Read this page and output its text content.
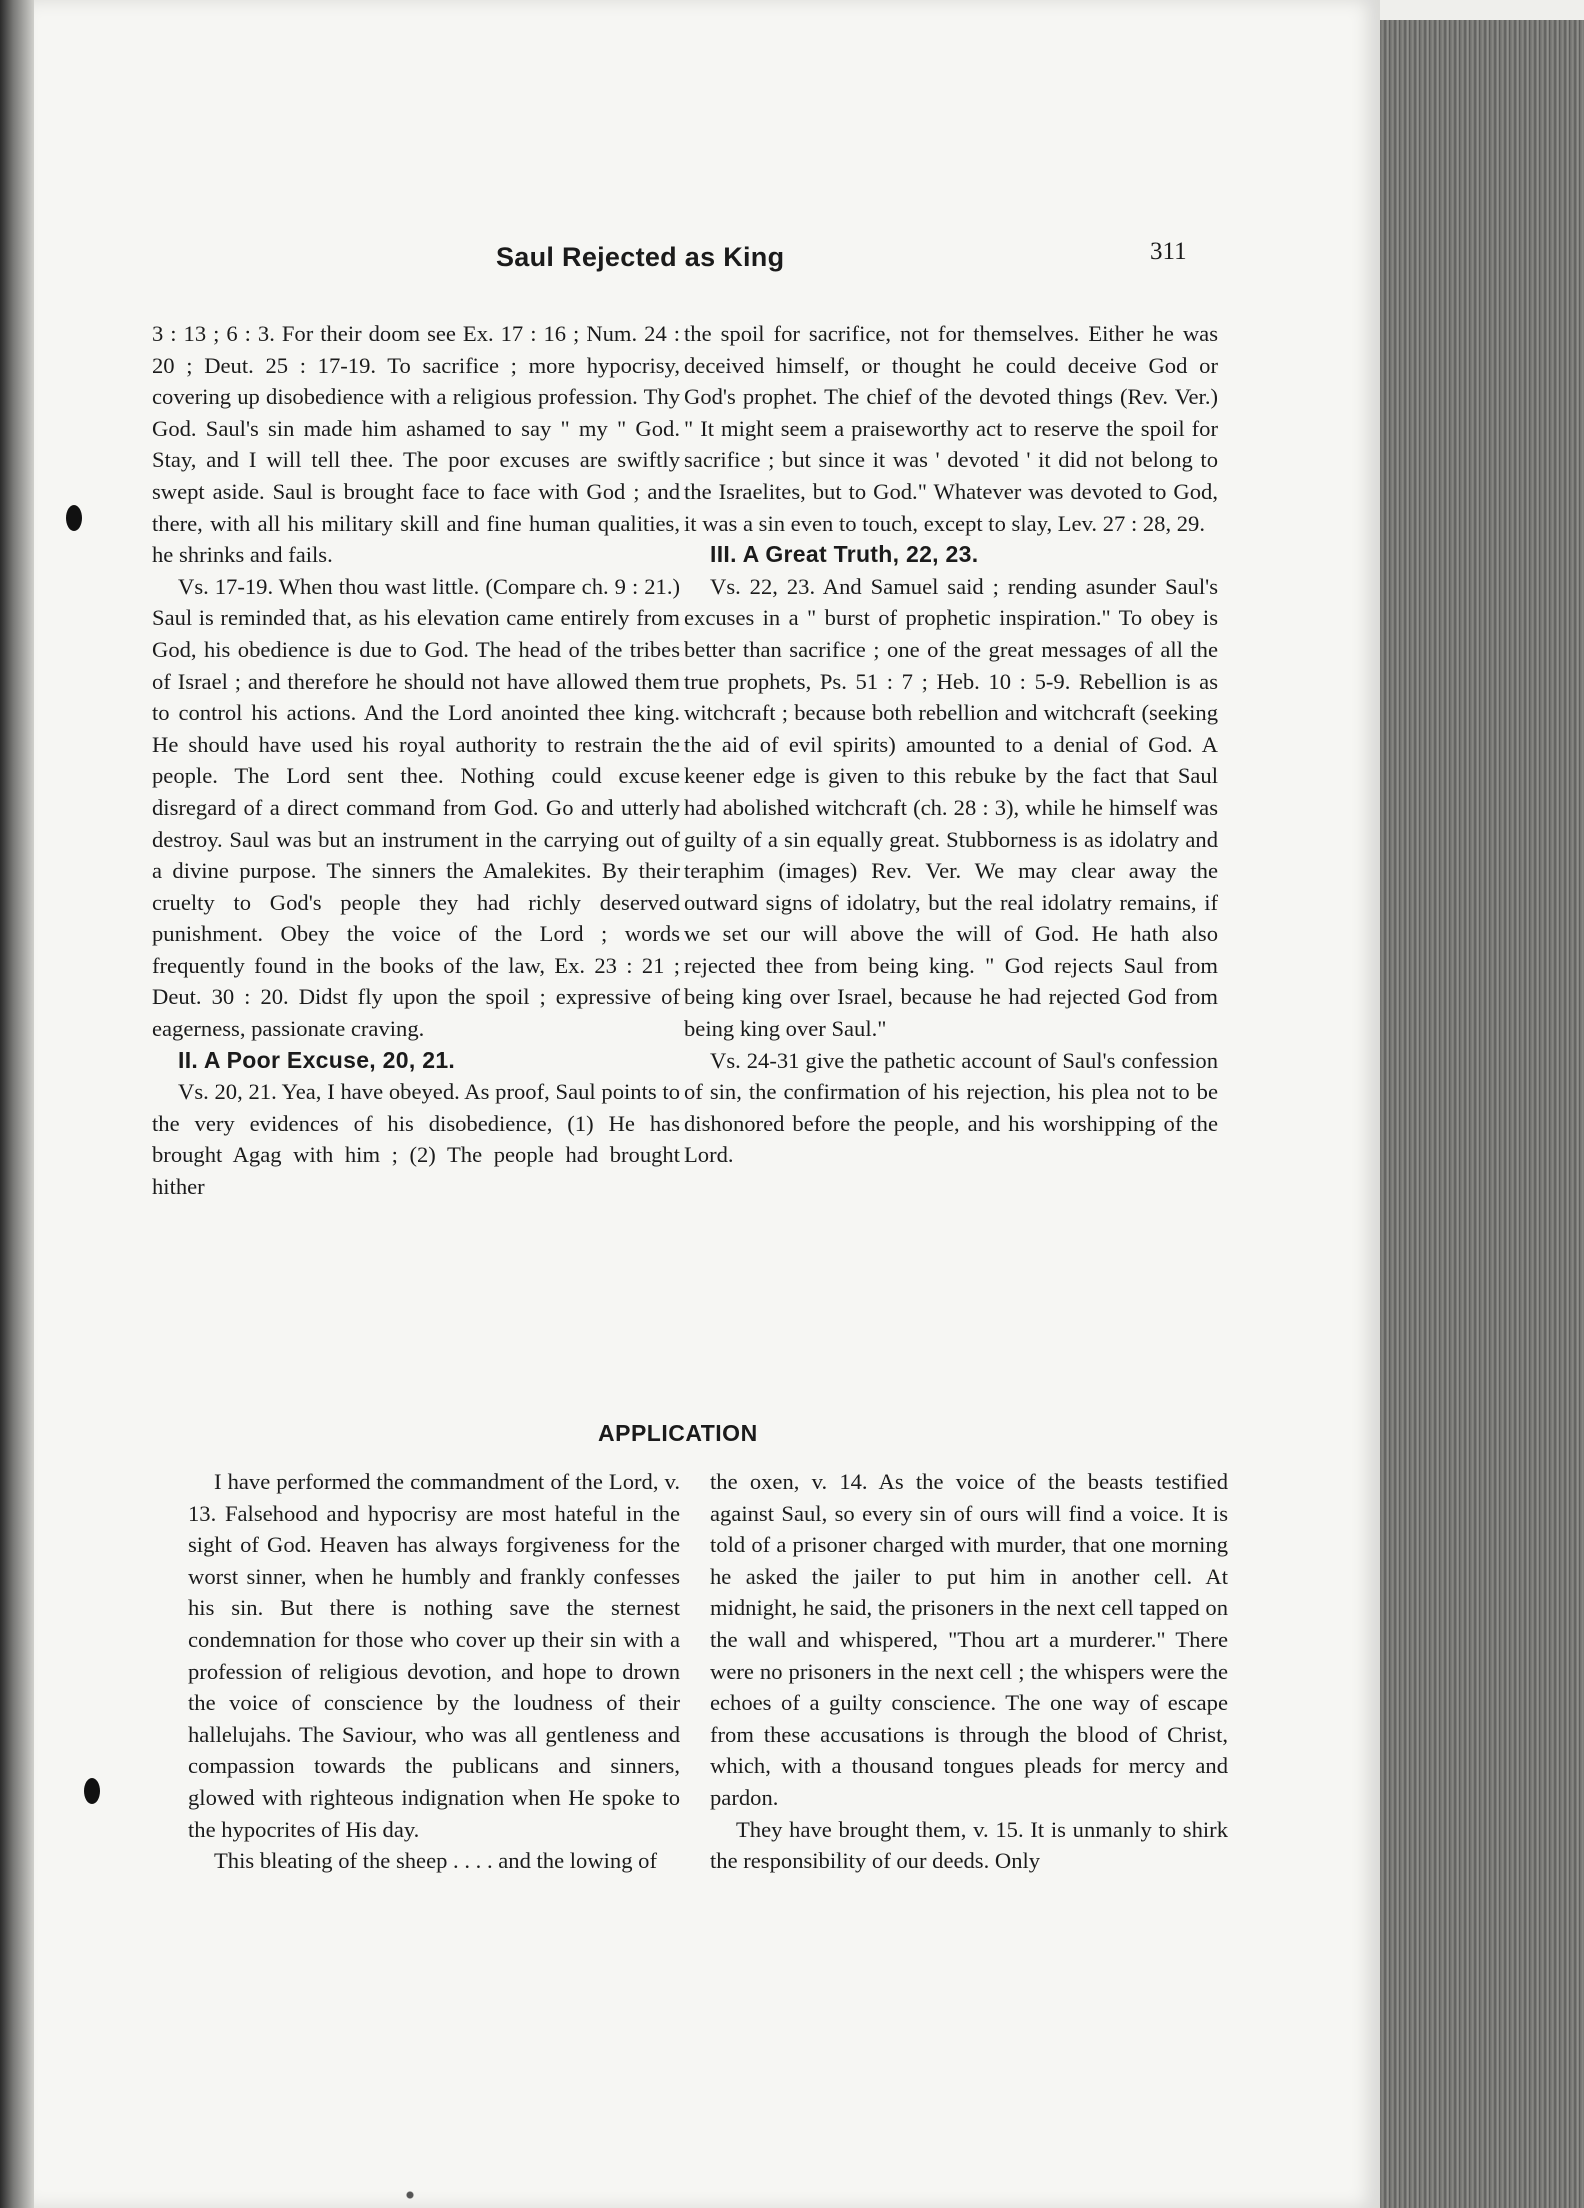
Saul Rejected as King	311

3 : 13 ; 6 : 3. For their doom see Ex. 17 : 16 ; Num. 24 : 20 ; Deut. 25 : 17-19. To sacrifice ; more hypocrisy, covering up disobedience with a religious profession. Thy God. Saul's sin made him ashamed to say " my " God. Stay, and I will tell thee. The poor excuses are swiftly swept aside. Saul is brought face to face with God ; and there, with all his military skill and fine human qualities, he shrinks and fails.

Vs. 17-19. When thou wast little. (Compare ch. 9 : 21.) Saul is reminded that, as his elevation came entirely from God, his obedience is due to God. The head of the tribes of Israel ; and therefore he should not have allowed them to control his actions. And the Lord anointed thee king. He should have used his royal authority to restrain the people. The Lord sent thee. Nothing could excuse disregard of a direct command from God. Go and utterly destroy. Saul was but an instrument in the carrying out of a divine purpose. The sinners the Amalekites. By their cruelty to God's people they had richly deserved punishment. Obey the voice of the Lord ; words frequently found in the books of the law, Ex. 23 : 21 ; Deut. 30 : 20. Didst fly upon the spoil ; expressive of eagerness, passionate craving.

II. A Poor Excuse, 20, 21.

Vs. 20, 21. Yea, I have obeyed. As proof, Saul points to the very evidences of his disobedience, (1) He has brought Agag with him ; (2) The people had brought hither

the spoil for sacrifice, not for themselves. Either he was deceived himself, or thought he could deceive God or God's prophet. The chief of the devoted things (Rev. Ver.) " It might seem a praiseworthy act to reserve the spoil for sacrifice ; but since it was ' devoted ' it did not belong to the Israelites, but to God." Whatever was devoted to God, it was a sin even to touch, except to slay, Lev. 27 : 28, 29.

III. A Great Truth, 22, 23.

Vs. 22, 23. And Samuel said ; rending asunder Saul's excuses in a " burst of prophetic inspiration." To obey is better than sacrifice ; one of the great messages of all the true prophets, Ps. 51 : 7 ; Heb. 10 : 5-9. Rebellion is as witchcraft ; because both rebellion and witchcraft (seeking the aid of evil spirits) amounted to a denial of God. A keener edge is given to this rebuke by the fact that Saul had abolished witchcraft (ch. 28 : 3), while he himself was guilty of a sin equally great. Stubborness is as idolatry and teraphim (images) Rev. Ver. We may clear away the outward signs of idolatry, but the real idolatry remains, if we set our will above the will of God. He hath also rejected thee from being king. " God rejects Saul from being king over Israel, because he had rejected God from being king over Saul."

Vs. 24-31 give the pathetic account of Saul's confession of sin, the confirmation of his rejection, his plea not to be dishonored before the people, and his worshipping of the Lord.

APPLICATION

I have performed the commandment of the Lord, v. 13. Falsehood and hypocrisy are most hateful in the sight of God. Heaven has always forgiveness for the worst sinner, when he humbly and frankly confesses his sin. But there is nothing save the sternest condemnation for those who cover up their sin with a profession of religious devotion, and hope to drown the voice of conscience by the loudness of their hallelujahs. The Saviour, who was all gentleness and compassion towards the publicans and sinners, glowed with righteous indignation when He spoke to the hypocrites of His day.

This bleating of the sheep . . . . and the lowing of

the oxen, v. 14. As the voice of the beasts testified against Saul, so every sin of ours will find a voice. It is told of a prisoner charged with murder, that one morning he asked the jailer to put him in another cell. At midnight, he said, the prisoners in the next cell tapped on the wall and whispered, "Thou art a murderer." There were no prisoners in the next cell ; the whispers were the echoes of a guilty conscience. The one way of escape from these accusations is through the blood of Christ, which, with a thousand tongues pleads for mercy and pardon.

They have brought them, v. 15. It is unmanly to shirk the responsibility of our deeds. Only
